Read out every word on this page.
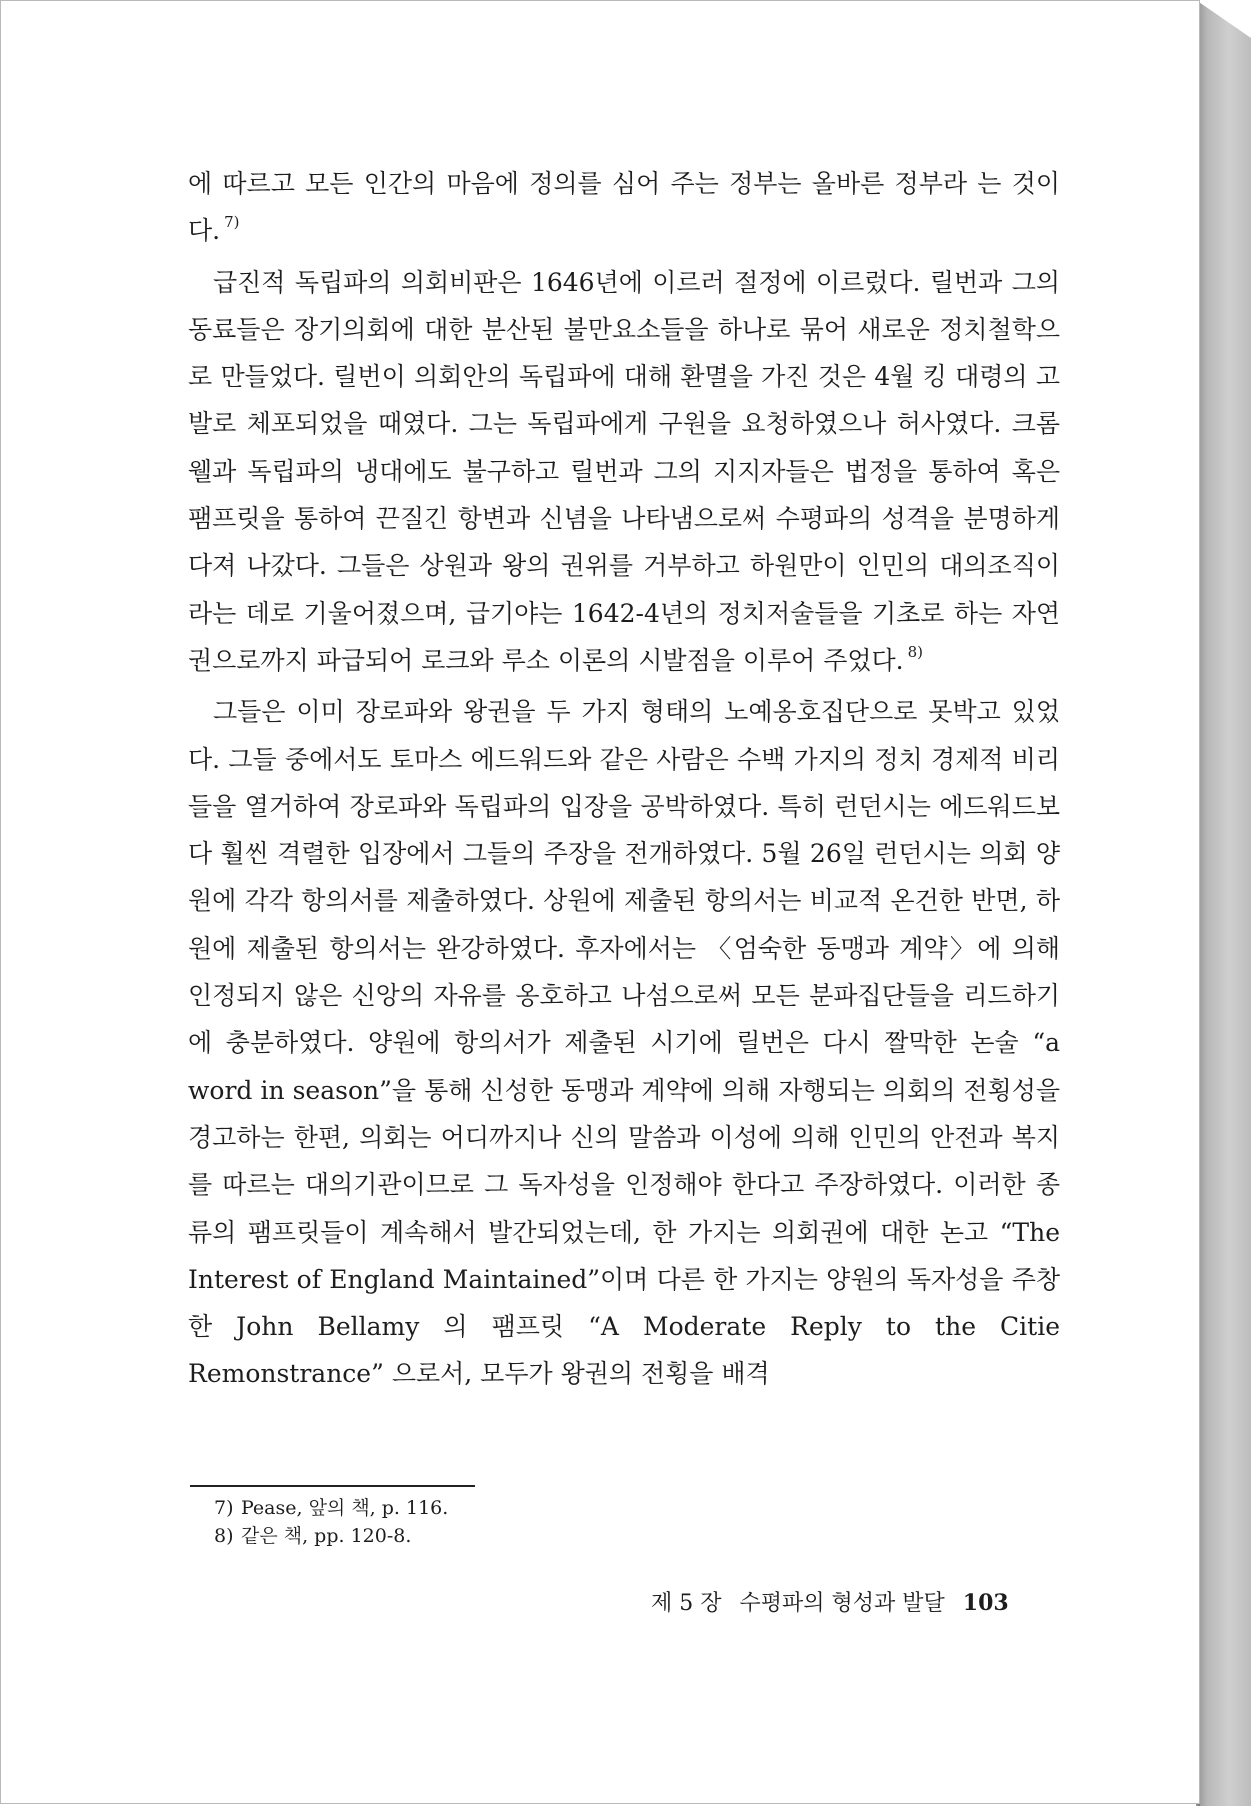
에 따르고 모든 인간의 마음에 정의를 심어 주는 정부는 올바른 정부라 는 것이다. $^{7)}$

급진적 독립파의 의회비판은 1646년에 이르러 절정에 이르렀다. 릴번과 그의 동료들은 장기의회에 대한 분산된 불만요소들을 하나로 묶어 새로운 정치철학으로 만들었다. 릴번이 의회안의 독립파에 대해 환멸을 가진 것은 4월 킹 대령의 고발로 체포되었을 때였다. 그는 독립파에게 구원을 요청하였으나 허사였다. 크롬웰과 독립파의 냉대에도 불구하고 릴번과 그의 지지자들은 법정을 통하여 혹은 팸프릿을 통하여 끈질긴 항변과 신념을 나타냄으로써 수평파의 성격을 분명하게 다져 나갔다. 그들은 상원과 왕의 권위를 거부하고 하원만이 인민의 대의조직이라는 데로 기울어졌으며, 급기야는 1642-4년의 정치저술들을 기초로 하는 자연권으로까지 파급되어 로크와 루소 이론의 시발점을 이루어 주었다. $^{8)}$

그들은 이미 장로파와 왕권을 두 가지 형태의 노예옹호집단으로 못박고 있었다. 그들 중에서도 토마스 에드워드와 같은 사람은 수백 가지의 정치 경제적 비리들을 열거하여 장로파와 독립파의 입장을 공박하였다. 특히 런던시는 에드워드보다 훨씬 격렬한 입장에서 그들의 주장을 전개하였다. 5월 26일 런던시는 의회 양원에 각각 항의서를 제출하였다. 상원에 제출된 항의서는 비교적 온건한 반면, 하원에 제출된 항의서는 완강하였다. 후자에서는 〈엄숙한 동맹과 계약〉에 의해 인정되지 않은 신앙의 자유를 옹호하고 나섬으로써 모든 분파집단들을 리드하기에 충분하였다. 양원에 항의서가 제출된 시기에 릴번은 다시 짤막한 논술 “a word in season”을 통해 신성한 동맹과 계약에 의해 자행되는 의회의 전횡성을 경고하는 한편, 의회는 어디까지나 신의 말씀과 이성에 의해 인민의 안전과 복지를 따르는 대의기관이므로 그 독자성을 인정해야 한다고 주장하였다. 이러한 종류의 팸프릿들이 계속해서 발간되었는데, 한 가지는 의회권에 대한 논고 “The Interest of England Maintained”이며 다른 한 가지는 양원의 독자성을 주창한 John Bellamy 의 팸프릿 “A Moderate Reply to the Citie Remonstrance” 으로서, 모두가 왕권의 전횡을 배격

7) Pease, 앞의 책, p. 116.
8) 같은 책, pp. 120-8.
제 5 장 수평파의 형성과 발달 103
